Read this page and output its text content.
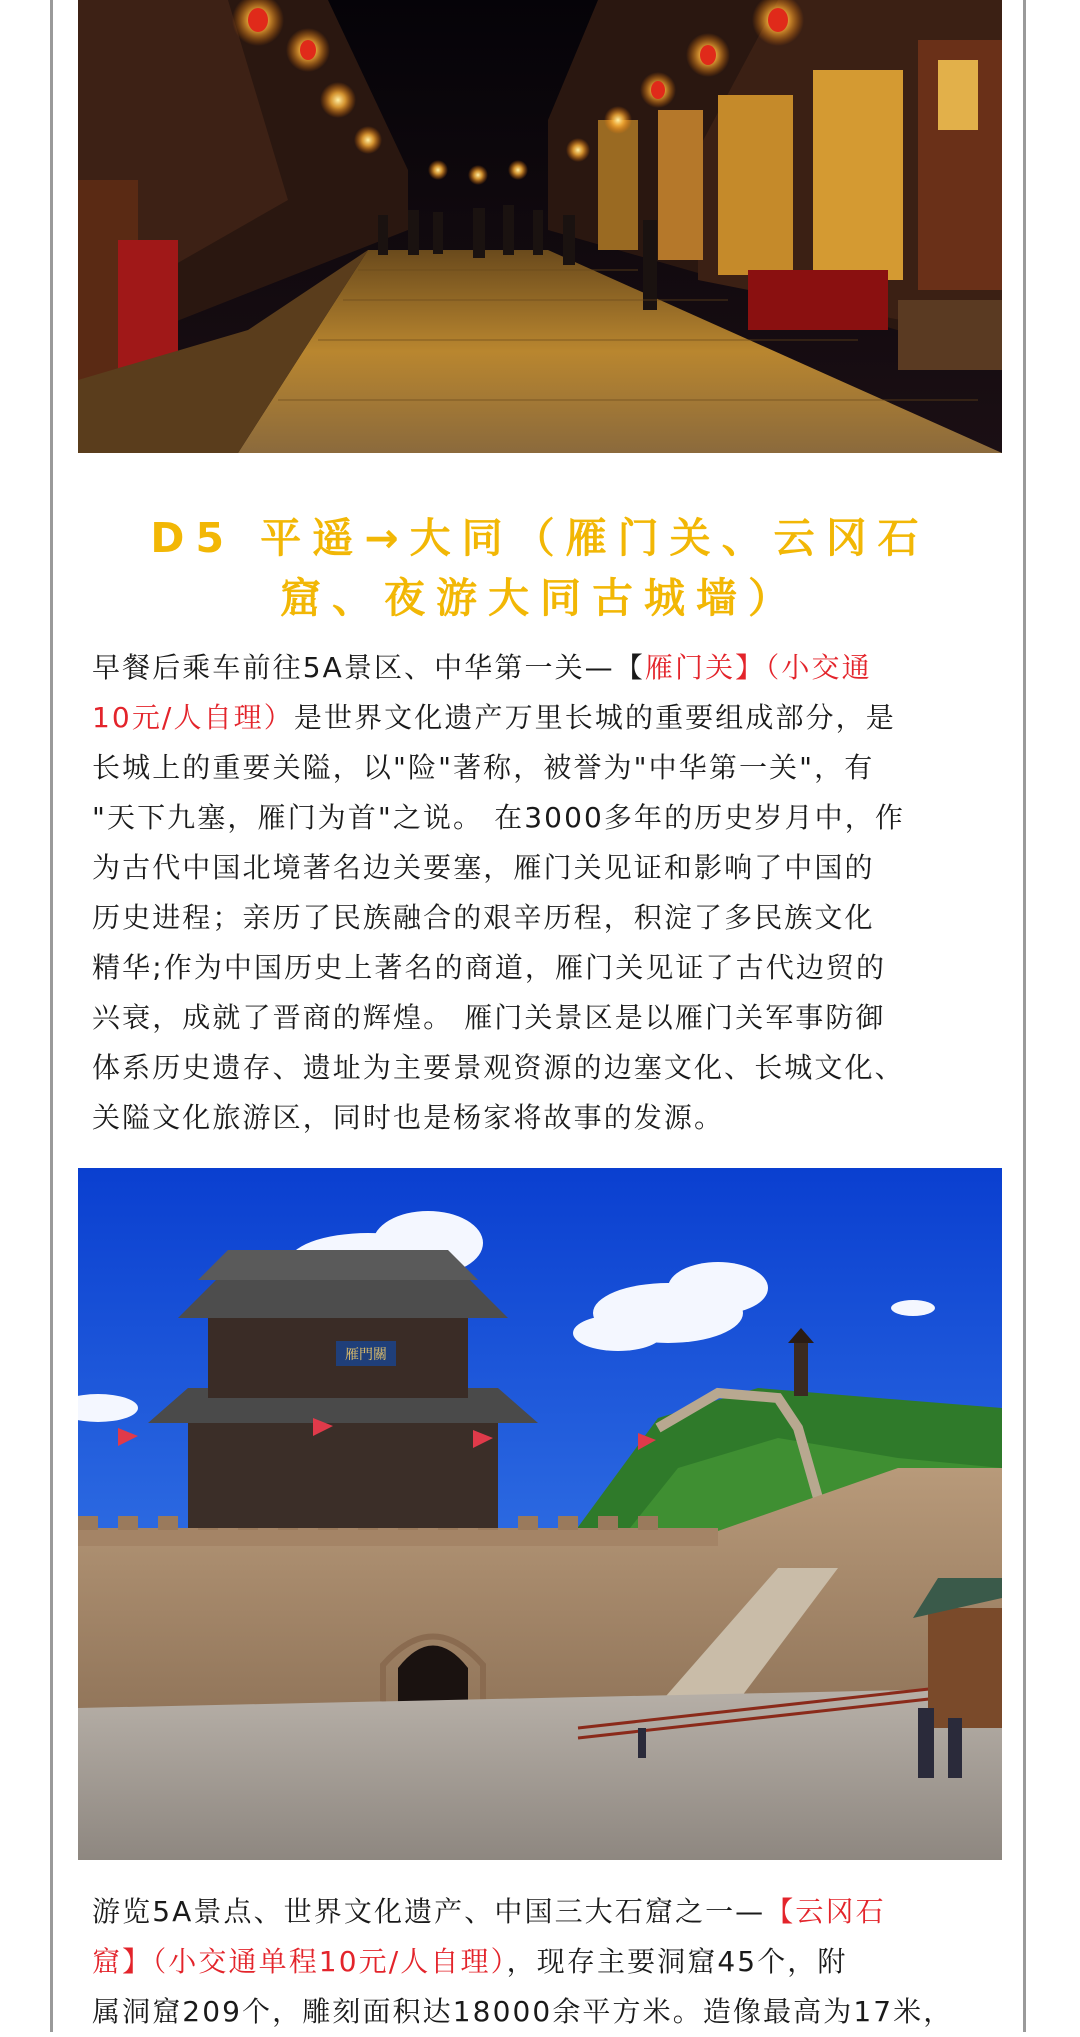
D5 平遥→大同（雁门关、云冈石
窟、夜游大同古城墙）
早餐后乘车前往5A景区、中华第一关—【雁门关】（小交通
10元/人自理）是世界文化遗产万里长城的重要组成部分，是
长城上的重要关隘，以"险"著称，被誉为"中华第一关"，有
"天下九塞，雁门为首"之说。 在3000多年的历史岁月中，作
为古代中国北境著名边关要塞，雁门关见证和影响了中国的
历史进程；亲历了民族融合的艰辛历程，积淀了多民族文化
精华;作为中国历史上著名的商道，雁门关见证了古代边贸的
兴衰，成就了晋商的辉煌。 雁门关景区是以雁门关军事防御
体系历史遗存、遗址为主要景观资源的边塞文化、长城文化、
关隘文化旅游区，同时也是杨家将故事的发源。
雁門關
游览5A景点、世界文化遗产、中国三大石窟之一—【云冈石
窟】（小交通单程10元/人自理），现存主要洞窟45个，附
属洞窟209个，雕刻面积达18000余平方米。造像最高为17米，
